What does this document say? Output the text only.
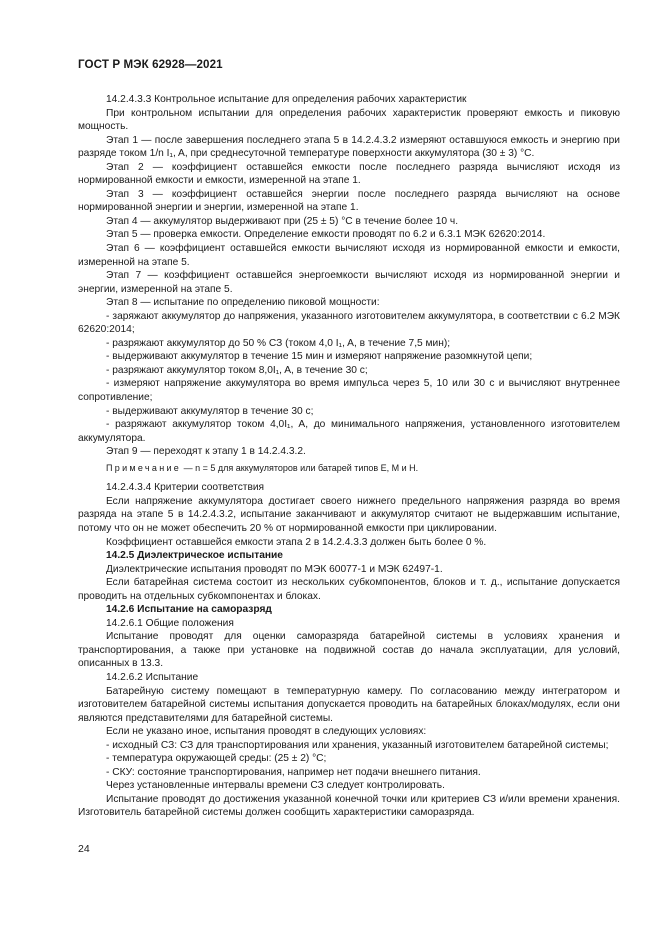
ГОСТ Р МЭК 62928—2021

14.2.4.3.3 Контрольное испытание для определения рабочих характеристик

При контрольном испытании для определения рабочих характеристик проверяют емкость и пиковую мощность.

Этап 1 — после завершения последнего этапа 5 в 14.2.4.3.2 измеряют оставшуюся емкость и энергию при разряде током 1/n I₁, A, при среднесуточной температуре поверхности аккумулятора (30 ± 3) °C.

Этап 2 — коэффициент оставшейся емкости после последнего разряда вычисляют исходя из нормированной емкости и емкости, измеренной на этапе 1.

Этап 3 — коэффициент оставшейся энергии после последнего разряда вычисляют на основе нормированной энергии и энергии, измеренной на этапе 1.

Этап 4 — аккумулятор выдерживают при (25 ± 5) °C в течение более 10 ч.

Этап 5 — проверка емкости. Определение емкости проводят по 6.2 и 6.3.1 МЭК 62620:2014.

Этап 6 — коэффициент оставшейся емкости вычисляют исходя из нормированной емкости и емкости, измеренной на этапе 5.

Этап 7 — коэффициент оставшейся энергоемкости вычисляют исходя из нормированной энергии и энергии, измеренной на этапе 5.

Этап 8 — испытание по определению пиковой мощности:

- заряжают аккумулятор до напряжения, указанного изготовителем аккумулятора, в соответствии с 6.2 МЭК 62620:2014;

- разряжают аккумулятор до 50 % СЗ (током 4,0 I₁, A, в течение 7,5 мин);

- выдерживают аккумулятор в течение 15 мин и измеряют напряжение разомкнутой цепи;

- разряжают аккумулятор током 8,0I₁, A, в течение 30 с;

- измеряют напряжение аккумулятора во время импульса через 5, 10 или 30 с и вычисляют внутреннее сопротивление;

- выдерживают аккумулятор в течение 30 с;

- разряжают аккумулятор током 4,0I₁, A, до минимального напряжения, установленного изготовителем аккумулятора.

Этап 9 — переходят к этапу 1 в 14.2.4.3.2.

Примечание — n = 5 для аккумуляторов или батарей типов E, M и H.

14.2.4.3.4 Критерии соответствия

Если напряжение аккумулятора достигает своего нижнего предельного напряжения разряда во время разряда на этапе 5 в 14.2.4.3.2, испытание заканчивают и аккумулятор считают не выдержавшим испытание, потому что он не может обеспечить 20 % от нормированной емкости при циклировании.

Коэффициент оставшейся емкости этапа 2 в 14.2.4.3.3 должен быть более 0 %.

14.2.5 Диэлектрическое испытание

Диэлектрические испытания проводят по МЭК 60077-1 и МЭК 62497-1.

Если батарейная система состоит из нескольких субкомпонентов, блоков и т. д., испытание допускается проводить на отдельных субкомпонентах и блоках.

14.2.6 Испытание на саморазряд

14.2.6.1 Общие положения

Испытание проводят для оценки саморазряда батарейной системы в условиях хранения и транспортирования, а также при установке на подвижной состав до начала эксплуатации, для условий, описанных в 13.3.

14.2.6.2 Испытание

Батарейную систему помещают в температурную камеру. По согласованию между интегратором и изготовителем батарейной системы испытания допускается проводить на батарейных блоках/модулях, если они являются представителями для батарейной системы.

Если не указано иное, испытания проводят в следующих условиях:

- исходный СЗ: СЗ для транспортирования или хранения, указанный изготовителем батарейной системы;

- температура окружающей среды: (25 ± 2) °C;

- СКУ: состояние транспортирования, например нет подачи внешнего питания.

Через установленные интервалы времени СЗ следует контролировать.

Испытание проводят до достижения указанной конечной точки или критериев СЗ и/или времени хранения. Изготовитель батарейной системы должен сообщить характеристики саморазряда.

24
